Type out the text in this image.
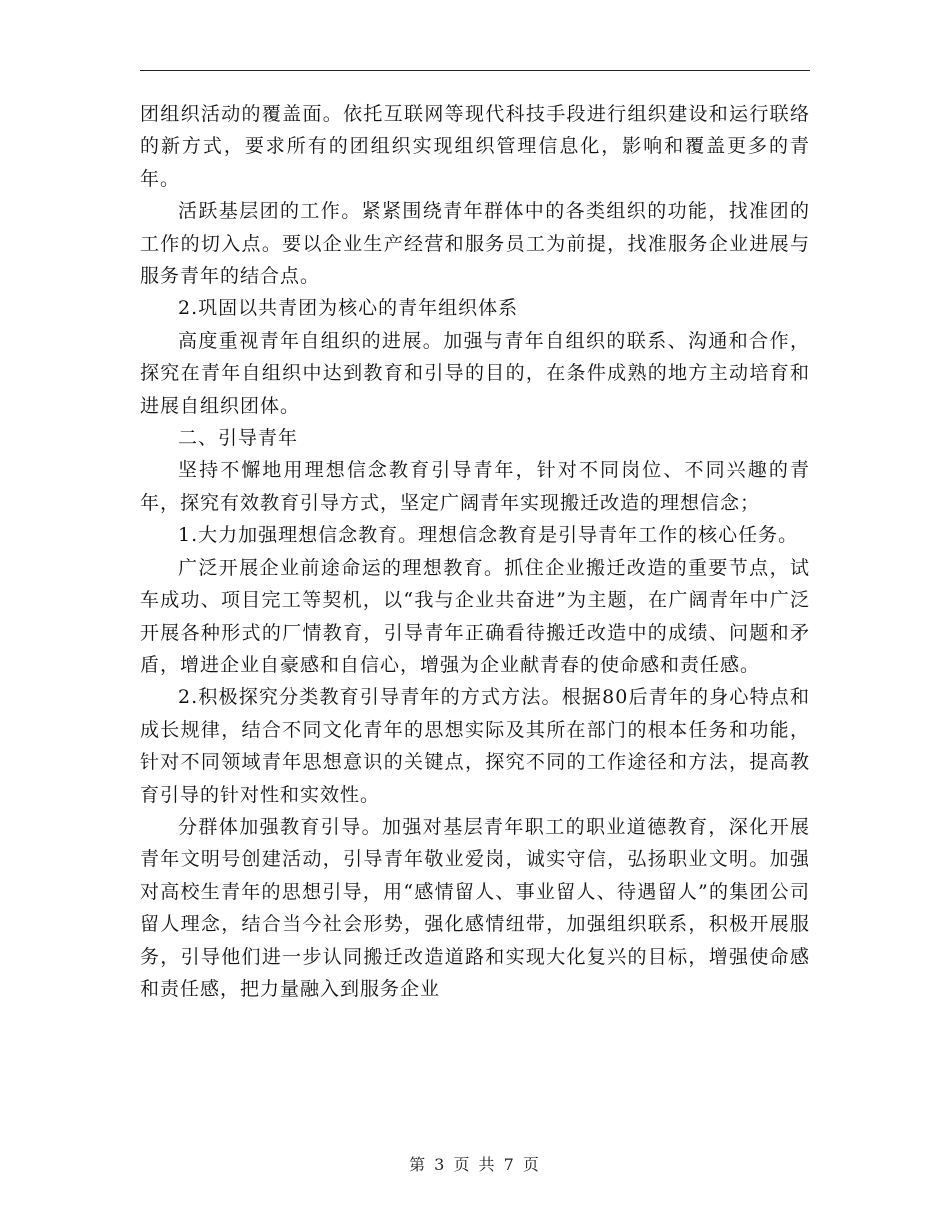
团组织活动的覆盖面。依托互联网等现代科技手段进行组织建设和运行联络的新方式，要求所有的团组织实现组织管理信息化，影响和覆盖更多的青年。

活跃基层团的工作。紧紧围绕青年群体中的各类组织的功能，找准团的工作的切入点。要以企业生产经营和服务员工为前提，找准服务企业进展与服务青年的结合点。

2.巩固以共青团为核心的青年组织体系

高度重视青年自组织的进展。加强与青年自组织的联系、沟通和合作，探究在青年自组织中达到教育和引导的目的，在条件成熟的地方主动培育和进展自组织团体。

二、引导青年

坚持不懈地用理想信念教育引导青年，针对不同岗位、不同兴趣的青年，探究有效教育引导方式，坚定广阔青年实现搬迁改造的理想信念；

1.大力加强理想信念教育。理想信念教育是引导青年工作的核心任务。

广泛开展企业前途命运的理想教育。抓住企业搬迁改造的重要节点，试车成功、项目完工等契机，以“我与企业共奋进”为主题，在广阔青年中广泛开展各种形式的厂情教育，引导青年正确看待搬迁改造中的成绩、问题和矛盾，增进企业自豪感和自信心，增强为企业献青春的使命感和责任感。

2.积极探究分类教育引导青年的方式方法。根据80后青年的身心特点和成长规律，结合不同文化青年的思想实际及其所在部门的根本任务和功能，针对不同领域青年思想意识的关键点，探究不同的工作途径和方法，提高教育引导的针对性和实效性。

分群体加强教育引导。加强对基层青年职工的职业道德教育，深化开展青年文明号创建活动，引导青年敬业爱岗，诚实守信，弘扬职业文明。加强对高校生青年的思想引导，用“感情留人、事业留人、待遇留人”的集团公司留人理念，结合当今社会形势，强化感情纽带，加强组织联系，积极开展服务，引导他们进一步认同搬迁改造道路和实现大化复兴的目标，增强使命感和责任感，把力量融入到服务企业

第 3 页 共 7 页
